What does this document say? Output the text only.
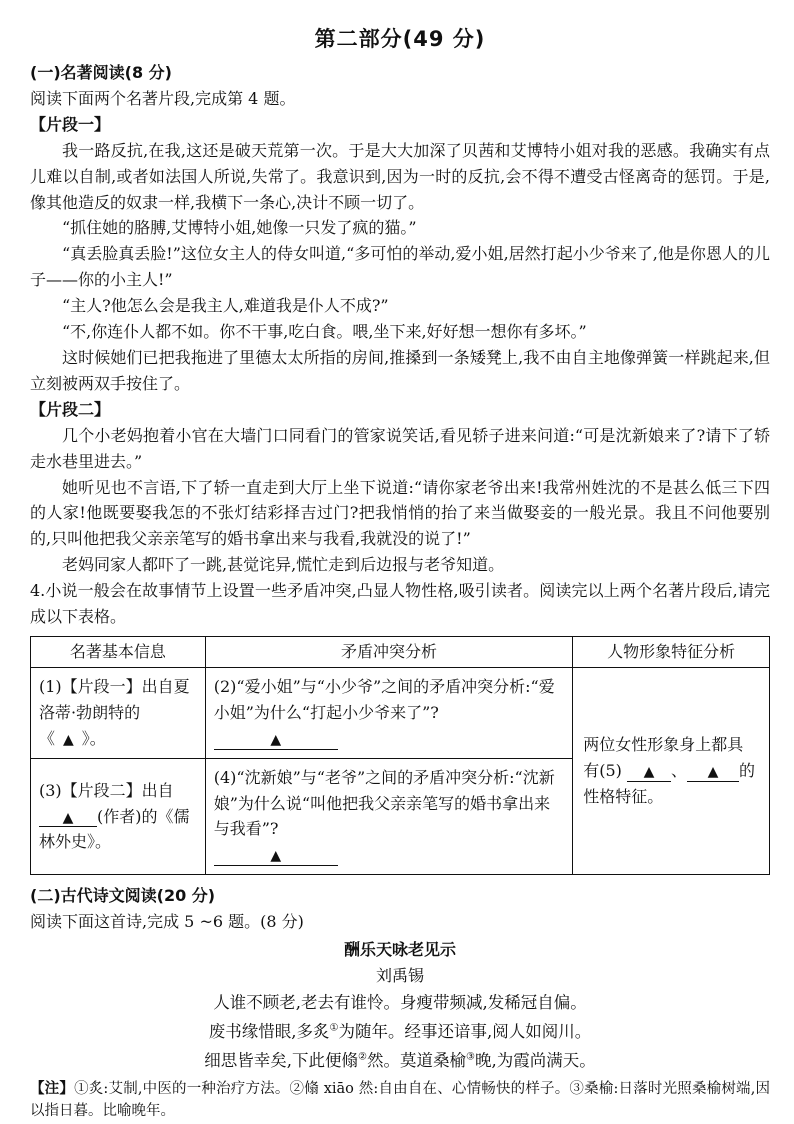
第二部分(49 分)

(一)名著阅读(8 分)

阅读下面两个名著片段,完成第 4 题。

【片段一】

我一路反抗,在我,这还是破天荒第一次。于是大大加深了贝茜和艾博特小姐对我的恶感。我确实有点儿难以自制,或者如法国人所说,失常了。我意识到,因为一时的反抗,会不得不遭受古怪离奇的惩罚。于是,像其他造反的奴隶一样,我横下一条心,决计不顾一切了。

“抓住她的胳膊,艾博特小姐,她像一只发了疯的猫。”

“真丢脸真丢脸!”这位女主人的侍女叫道,“多可怕的举动,爱小姐,居然打起小少爷来了,他是你恩人的儿子——你的小主人!”

“主人?他怎么会是我主人,难道我是仆人不成?”

“不,你连仆人都不如。你不干事,吃白食。喂,坐下来,好好想一想你有多坏。”

这时候她们已把我拖进了里德太太所指的房间,推搡到一条矮凳上,我不由自主地像弹簧一样跳起来,但立刻被两双手按住了。

【片段二】

几个小老妈抱着小官在大墙门口同看门的管家说笑话,看见轿子进来问道:“可是沈新娘来了?请下了轿走水巷里进去。”

她听见也不言语,下了轿一直走到大厅上坐下说道:“请你家老爷出来!我常州姓沈的不是甚么低三下四的人家!他既要娶我怎的不张灯结彩择吉过门?把我悄悄的抬了来当做娶妾的一般光景。我且不问他要别的,只叫他把我父亲亲笔写的婚书拿出来与我看,我就没的说了!”

老妈同家人都吓了一跳,甚觉诧异,慌忙走到后边报与老爷知道。

4.小说一般会在故事情节上设置一些矛盾冲突,凸显人物性格,吸引读者。阅读完以上两个名著片段后,请完成以下表格。

名著基本信息	矛盾冲突分析	人物形象特征分析
(1)【片段一】出自夏洛蒂·勃朗特的《 ▲ 》。	(2)“爱小姐”与“小少爷”之间的矛盾冲突分析:“爱小姐”为什么“打起小少爷来了”? ▲	两位女性形象身上都具有(5) ▲ 、 ▲ 的性格特征。
(3)【片段二】出自 ▲ (作者)的《儒林外史》。	(4)“沈新娘”与“老爷”之间的矛盾冲突分析:“沈新娘”为什么说“叫他把我父亲亲笔写的婚书拿出来与我看”?
▲	

(二)古代诗文阅读(20 分)

阅读下面这首诗,完成 5 ~6 题。(8 分)

酬乐天咏老见示

刘禹锡

人谁不顾老,老去有谁怜。身瘦带频减,发稀冠自偏。

废书缘惜眼,多炙①为随年。经事还谙事,阅人如阅川。

细思皆幸矣,下此便翛②然。莫道桑榆③晚,为霞尚满天。

【注】①炙:艾制,中医的一种治疗方法。②翛 xiāo 然:自由自在、心情畅快的样子。③桑榆:日落时光照桑榆树端,因以指日暮。比喻晚年。
